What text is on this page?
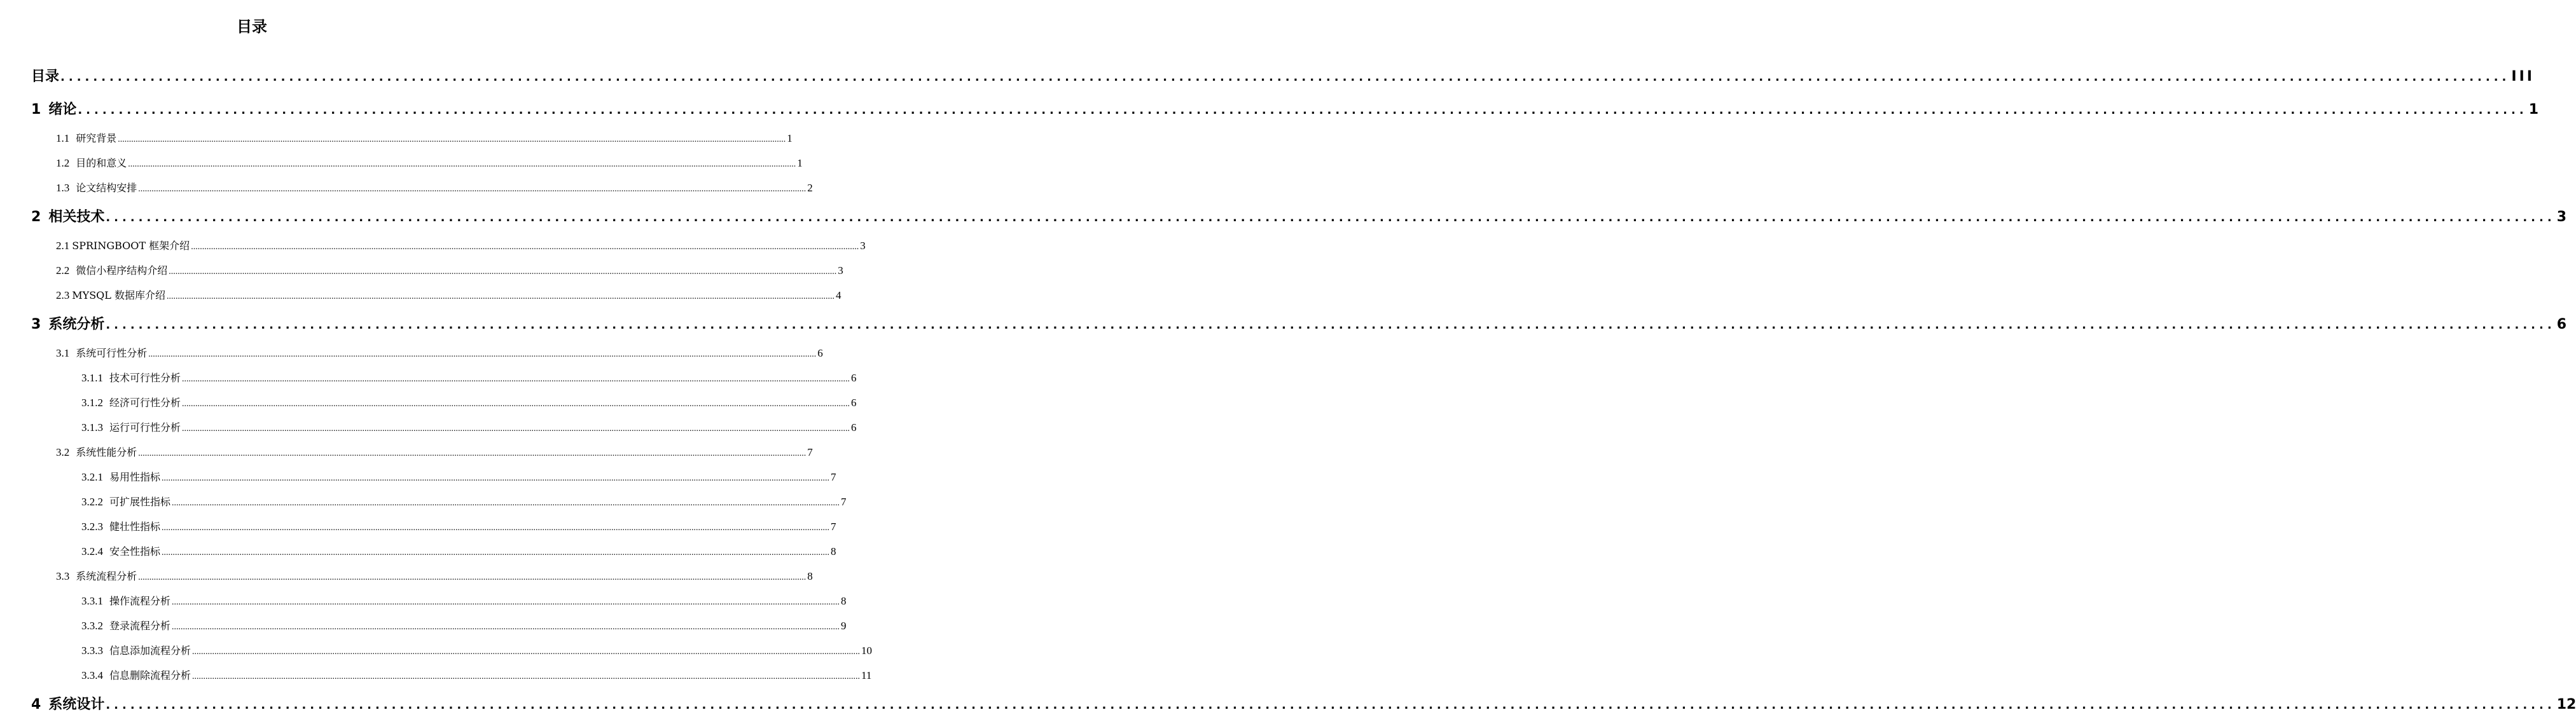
目录
目录 ............................................................................................................................................................................................................................................................................................................ III
1 绪论 ............................................................................................................................................................................................................................................................................................................ 1
1.1 研究背景 ............................................................................................................................................................................................................................................................................................................ 1
1.2 目的和意义 ............................................................................................................................................................................................................................................................................................................ 1
1.3 论文结构安排 ............................................................................................................................................................................................................................................................................................................ 2
2 相关技术 ............................................................................................................................................................................................................................................................................................................ 3
2.1 SPRINGBOOT 框架介绍 ............................................................................................................................................................................................................................................................................................................ 3
2.2 微信小程序结构介绍 ............................................................................................................................................................................................................................................................................................................ 3
2.3 MYSQL 数据库介绍 ............................................................................................................................................................................................................................................................................................................ 4
3 系统分析 ............................................................................................................................................................................................................................................................................................................ 6
3.1 系统可行性分析 ............................................................................................................................................................................................................................................................................................................ 6
3.1.1 技术可行性分析 ............................................................................................................................................................................................................................................................................................................ 6
3.1.2 经济可行性分析 ............................................................................................................................................................................................................................................................................................................ 6
3.1.3 运行可行性分析 ............................................................................................................................................................................................................................................................................................................ 6
3.2 系统性能分析 ............................................................................................................................................................................................................................................................................................................ 7
3.2.1 易用性指标 ............................................................................................................................................................................................................................................................................................................ 7
3.2.2 可扩展性指标 ............................................................................................................................................................................................................................................................................................................ 7
3.2.3 健壮性指标 ............................................................................................................................................................................................................................................................................................................ 7
3.2.4 安全性指标 ............................................................................................................................................................................................................................................................................................................ 8
3.3 系统流程分析 ............................................................................................................................................................................................................................................................................................................ 8
3.3.1 操作流程分析 ............................................................................................................................................................................................................................................................................................................ 8
3.3.2 登录流程分析 ............................................................................................................................................................................................................................................................................................................ 9
3.3.3 信息添加流程分析 ............................................................................................................................................................................................................................................................................................................ 10
3.3.4 信息删除流程分析 ............................................................................................................................................................................................................................................................................................................ 11
4 系统设计 ............................................................................................................................................................................................................................................................................................................ 12
